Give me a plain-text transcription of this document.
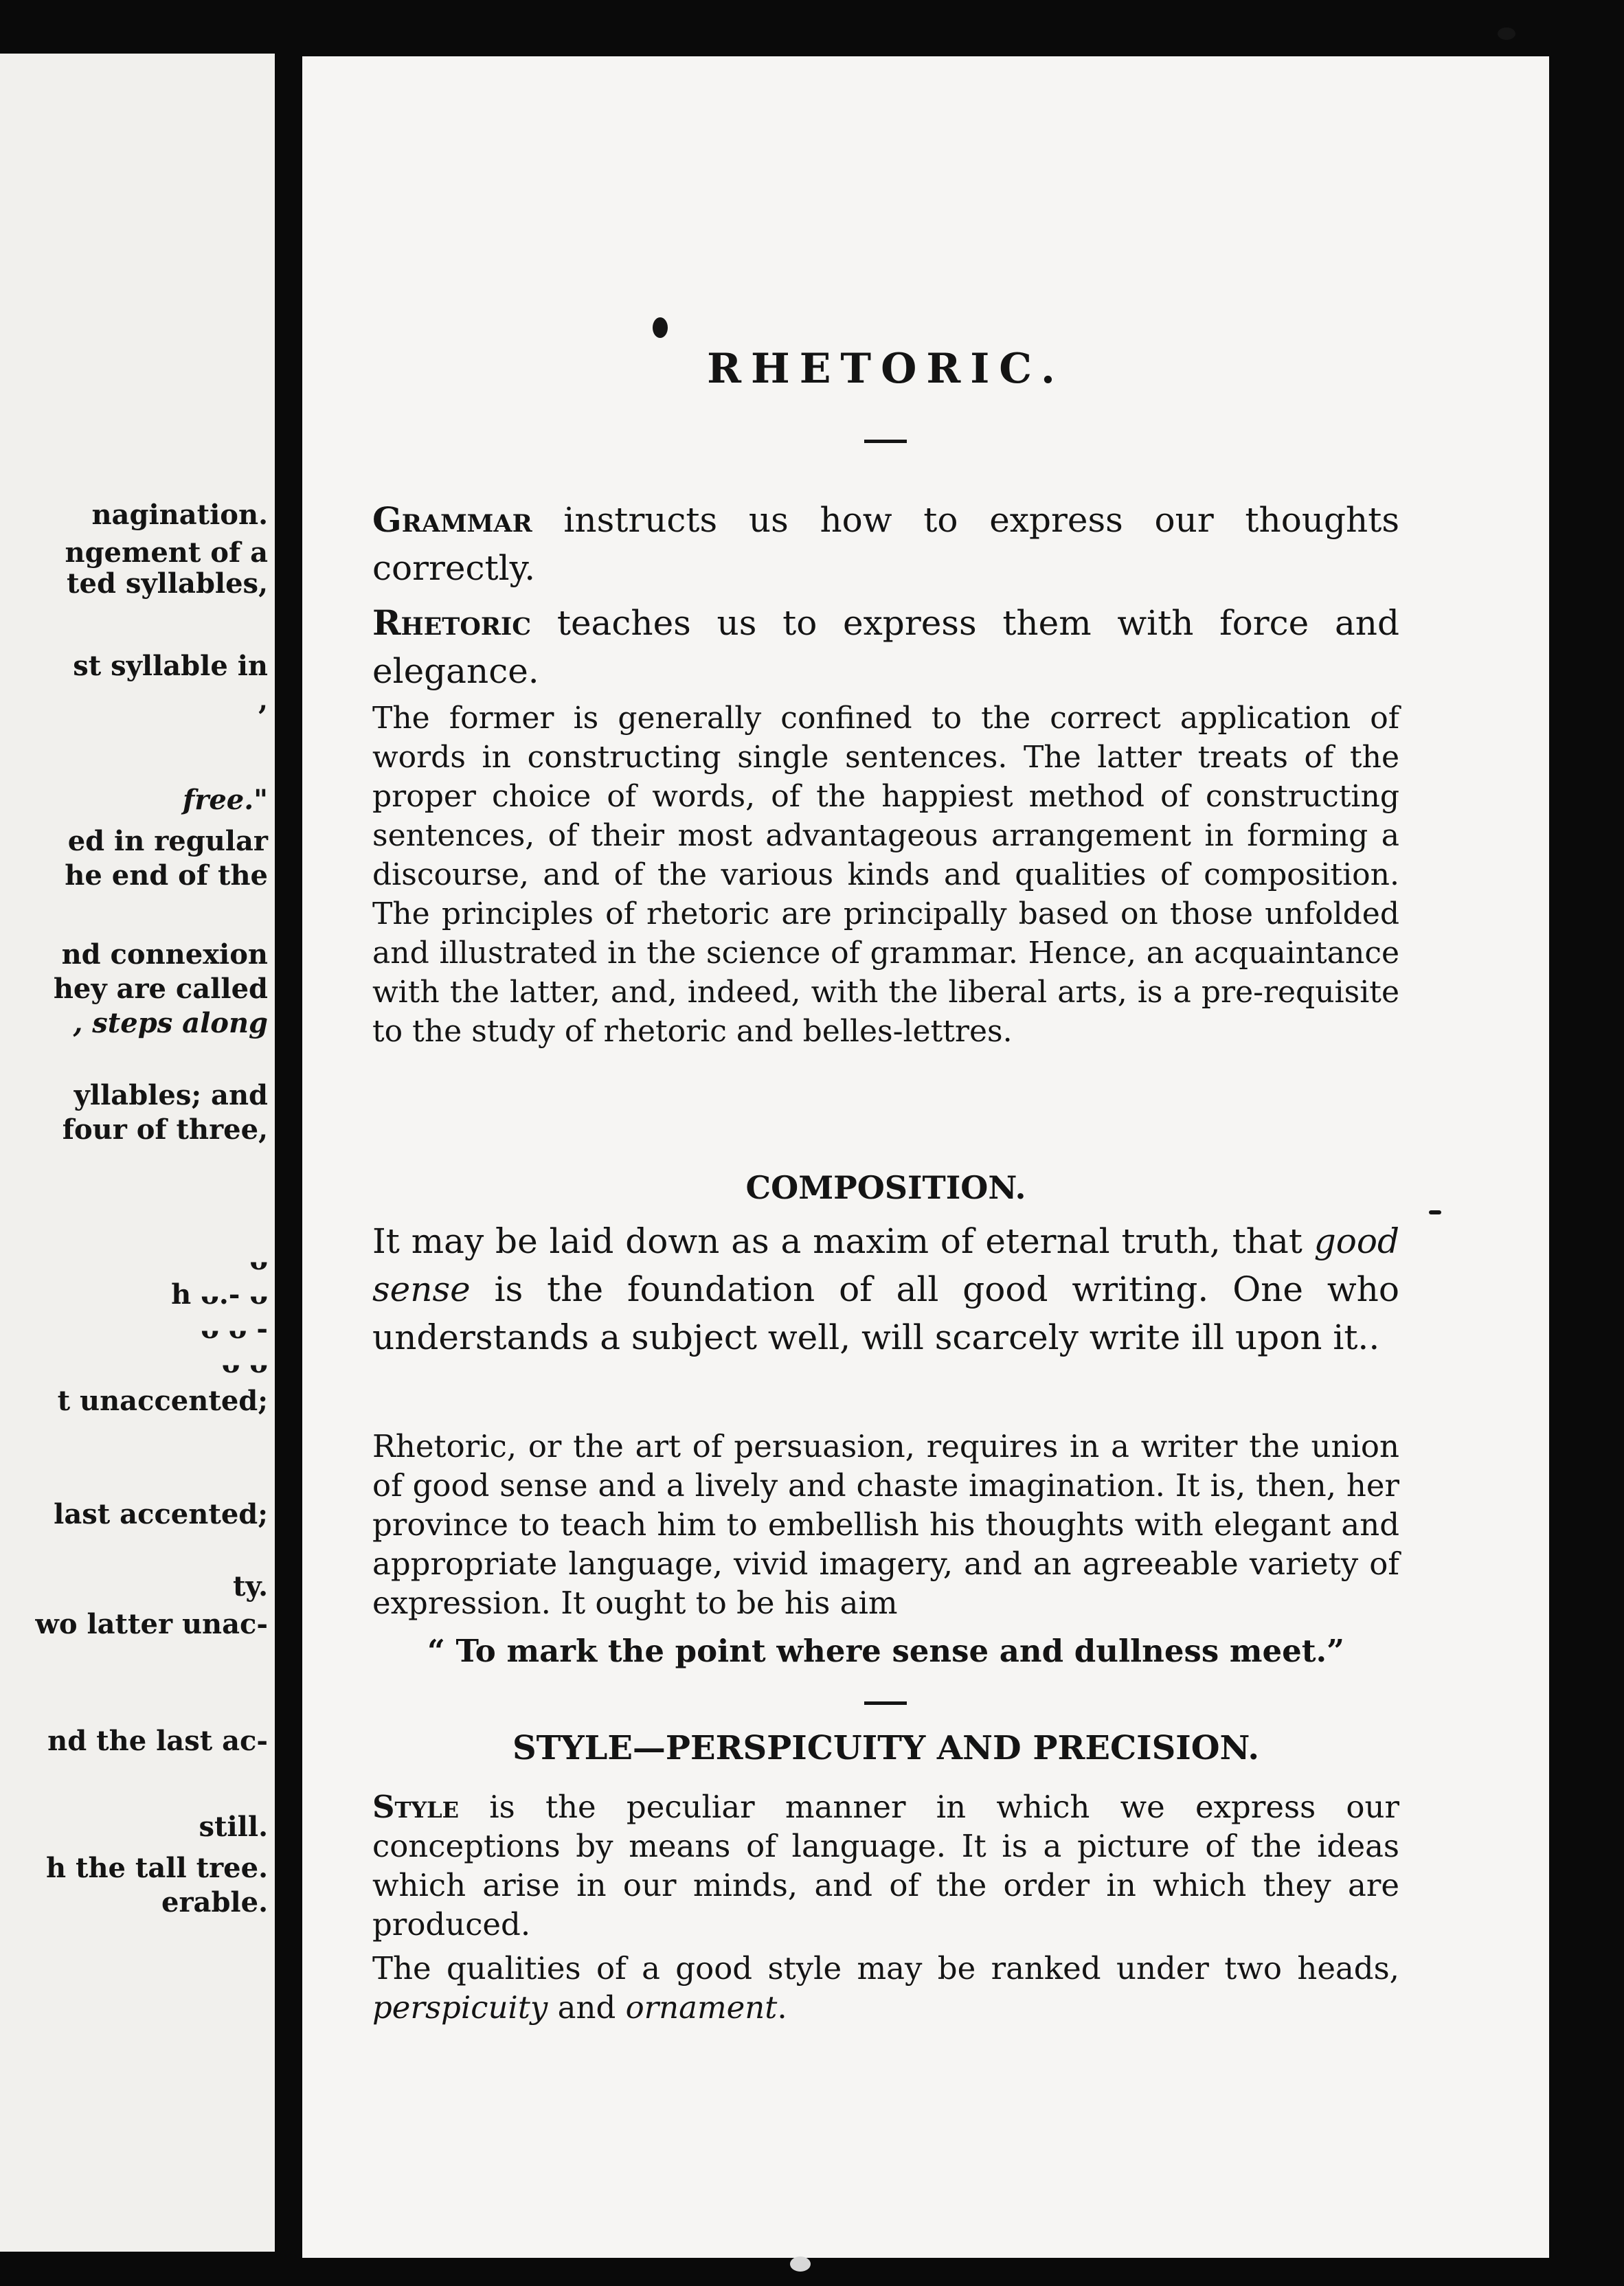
nagination.
ngement of a
ted syllables,
st syllable in
,
free."
ed in regular
he end of the
nd connexion
hey are called
, steps along
yllables; and
four of three,
ᴗ
h ᴗ.- ᴗ
ᴗ ᴗ -
ᴗ ᴗ
t unaccented;
last accented;
ty.
wo latter unac-
nd the last ac-
still.
h the tall tree.
erable.
RHETORIC.

Grammar instructs us how to express our thoughts correctly.

Rhetoric teaches us to express them with force and elegance.

The former is generally confined to the correct application of words in constructing single sentences. The latter treats of the proper choice of words, of the happiest method of constructing sentences, of their most advantageous arrangement in forming a discourse, and of the various kinds and qualities of composition. The principles of rhetoric are principally based on those unfolded and illustrated in the science of grammar. Hence, an acquaintance with the latter, and, indeed, with the liberal arts, is a pre-requisite to the study of rhetoric and belles-lettres.

COMPOSITION.

It may be laid down as a maxim of eternal truth, that good sense is the foundation of all good writing. One who understands a subject well, will scarcely write ill upon it..

Rhetoric, or the art of persuasion, requires in a writer the union of good sense and a lively and chaste imagination. It is, then, her province to teach him to embellish his thoughts with elegant and appropriate language, vivid imagery, and an agreeable variety of expression. It ought to be his aim

“ To mark the point where sense and dullness meet.”

STYLE—PERSPICUITY AND PRECISION.

Style is the peculiar manner in which we express our conceptions by means of language. It is a picture of the ideas which arise in our minds, and of the order in which they are produced.

The qualities of a good style may be ranked under two heads, perspicuity and ornament.
